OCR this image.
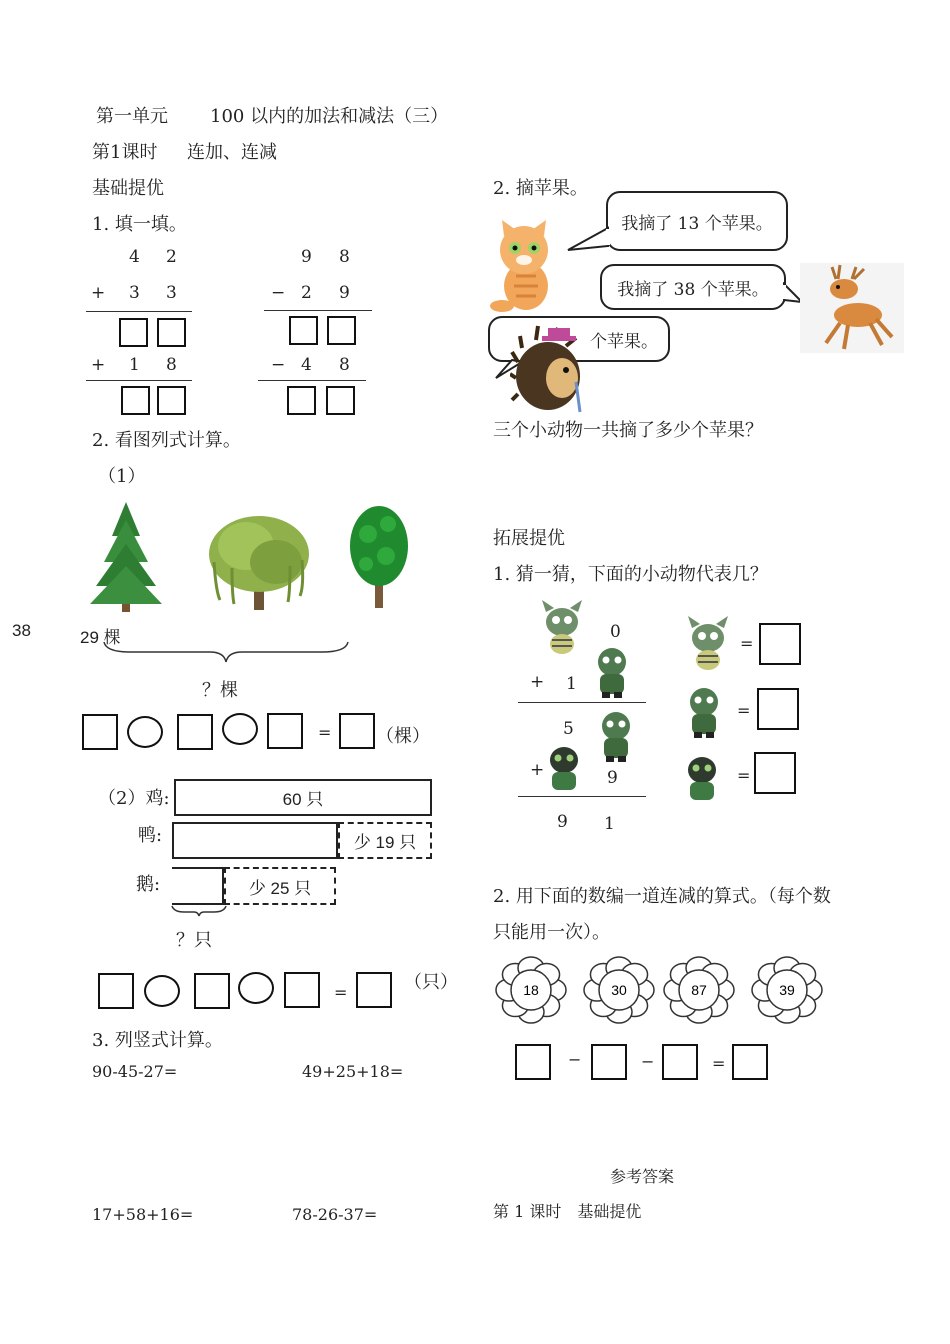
第一单元 100 以内的加法和减法（三）
第1课时 连加、连减
基础提优
1. 填一填。
4 2
+ 3 3
+ 1 8
9 8
− 2 9
− 4 8
2. 看图列式计算。
（1）
38	29 棵
？棵
= （棵）
（2）鸡:	60 只
鸭:	少 19 只
鹅:	少 25 只
？只
=	（只）
3. 列竖式计算。
90-45-27=	49+25+18=
17+58+16=	78-26-37=
2. 摘苹果。
我摘了 13 个苹果。
我摘了 38 个苹果。
个苹果。
三个小动物一共摘了多少个苹果？
拓展提优
1. 猜一猜，下面的小动物代表几？
0
+ 1
5
+	9
9 1
=
=
=
2. 用下面的数编一道连减的算式。（每个数
只能用一次）。
18	30	87	39
−	−	=
参考答案
第 1 课时　基础提优
